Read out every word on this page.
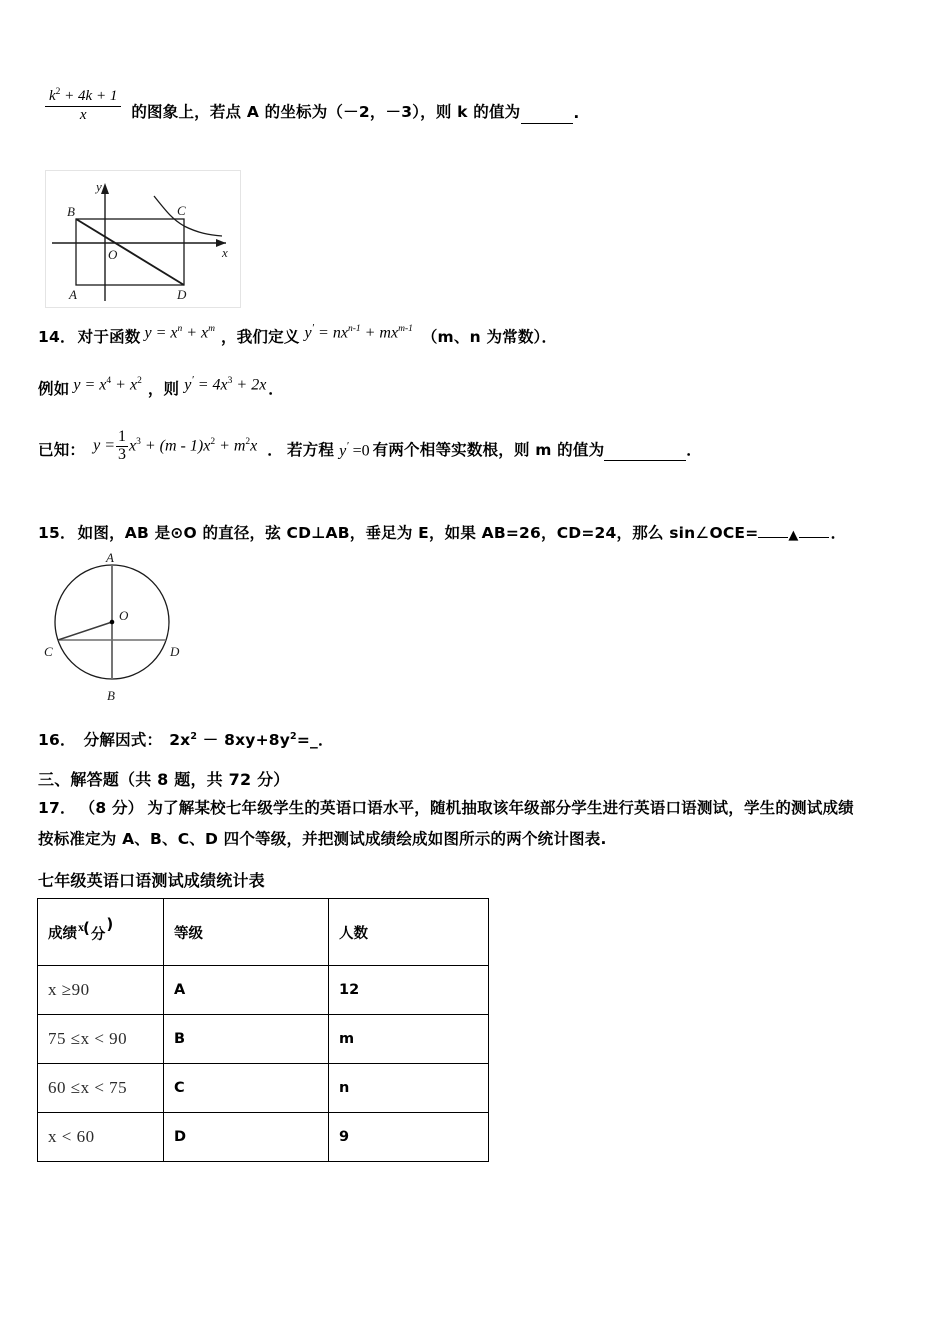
$\frac{k^2 + 4k + 1}{x}$ 的图象上，若点 A 的坐标为（－2，－3），则 k 的值为	.
B	C
A	D
O
y
x
14． 对于函数 $y = x^n + x^m$ ，我们定义 $y' = nx^{n-1} + mx^{m-1}$ （m、n 为常数）．
例如 $y = x^4 + x^2$ ，则 $y' = 4x^3 + 2x$ ．
已知： $y = \frac{1}{3} x^3 + (m - 1)x^2 + m^2x$ ． 若方程 y′ =0 有两个相等实数根，则 m 的值为	．
15． 如图，AB 是⊙O 的直径，弦 CD⊥AB，垂足为 E，如果 AB=26，CD=24，那么 sin ∠ OCE= ▲ ．
A
B
C	D
O
16． 分解因式： $2x^2$ － $8xy+8y^2=\_$．
三、解答题（共 8 题，共 72 分）
17． （8 分） 为了解某校七年级学生的英语口语水平，随机抽取该年级部分学生进行英语口语测试，学生的测试成绩
按标准定为 A、B、C、D 四个等级，并把测试成绩绘成如图所示的两个统计图表.
七年级英语口语测试成绩统计表
成绩$^x$(分)	等级	人数
x ≥90	A	12
75 ≤x < 90	B	m
60 ≤x < 75	C	n
x < 60	D	9
